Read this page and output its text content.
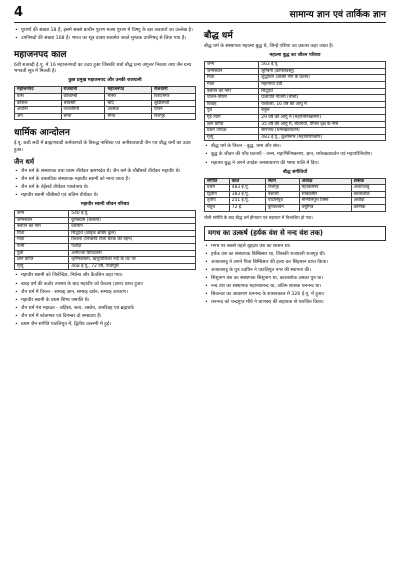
4	सामान्य ज्ञान एवं तार्किक ज्ञान
• पुराणों की संख्या 18 है, इसमें सबसे प्राचीन पुराण मत्स्य पुराण में विष्णु के दस अवतारों का उल्लेख है।
• उपनिषदों की संख्या 108 है। भारत का सूत्र वाक्य सत्यमेव जयते मुण्डक उपनिषद् से लिया गया है।
महाजनपद काल
6वीं शताब्दी ई.पू. में 16 महाजनपदों का उदय हुआ जिसकी चर्चा बौद्ध ग्रन्थ अंगुत्तर निकाय तथा जैन ग्रन्थ भगवती सूत्र में मिलती है।
कुछ प्रमुख महाजनपद और उनकी राजधानी
महाजनपद	राजधानी	महाजनपद	राजधानी
वत्स	कौशाम्बी	मत्स्य	विराटनगर
कोसल	श्रावस्ती	चेदि	शुक्तिमती
अवन्ति	उज्जयिनी	अश्मक	पोतन
अंग	चम्पा	मगध	राजगृह
धार्मिक आन्दोलन
ई.पू. छठी सदी में ब्राह्मणवादी कर्मकाण्डों के विरुद्ध नास्तिक एवं अनीश्वरवादी जैन एवं बौद्ध धर्मों का उदय हुआ।
जैन धर्म
• जैन धर्म के संस्थापक तथा प्रथम तीर्थंकर ऋषभदेव थे। जैन धर्म के चौबीसवें तीर्थंकर महावीर थे।
• जैन धर्म के वास्तविक संस्थापक महावीर स्वामी को माना जाता है।
• जैन धर्म के तेईसवें तीर्थंकर पार्श्वनाथ थे।
• महावीर स्वामी चौबीसवें एवं अंतिम तीर्थंकर थे।
महावीर स्वामी जीवन परिचय
जन्म	540 ई.पू.
जन्मस्थान	कुण्डग्राम (वैशाली)
बचपन का नाम	वर्धमान
पिता	सिद्धार्थ (ज्ञातृक क्षत्रिय कुल)
माता	त्रिशला (लिच्छवि राजा चेटक की बहन)
पत्नी	यशोदा
पुत्री	अनोज्जा प्रियदर्शना
ज्ञान प्राप्ति	जृम्भिकग्राम, ऋजुपालिका नदी के तट पर
मृत्यु	468 ई.पू., 72 वर्ष, पावापुरी
• महावीर स्वामी को जितेन्द्रिय, निर्ग्रन्थ और कैवलिन कहा गया।
• बारह वर्ष की कठोर तपस्या के बाद महावीर को कैवल्य (ज्ञान) प्राप्त हुआ।
• जैन धर्म में त्रिरत्न - सम्यक् ज्ञान, सम्यक् दर्शन, सम्यक् आचरण।
• महावीर स्वामी के प्रथम शिष्य जमालि थे।
• जैन धर्म पंच महाव्रत - अहिंसा, सत्य, अस्तेय, अपरिग्रह एवं ब्रह्मचर्य।
• जैन धर्म में श्वेताम्बर एवं दिगम्बर दो सम्प्रदाय हैं।
• प्रथम जैन संगीति पाटलिपुत्र में, द्वितीय वल्लभी में हुई।
बौद्ध धर्म
बौद्ध धर्म के संस्थापक महात्मा बुद्ध थे, जिन्हें एशिया का प्रकाश कहा जाता है।
महात्मा बुद्ध का जीवन परिचय
जन्म	563 ई.पू.
जन्मस्थान	लुम्बिनी (कपिलवस्तु)
पिता	शुद्धोधन (शाक्य गण के प्रधान)
माता	महामाया देवी
बचपन का नाम	सिद्धार्थ
पालन-पोषण	प्रजापति गौतमी (मौसी)
विवाह	यशोधरा, 16 वर्ष की आयु में
पुत्र	राहुल
गृह त्याग	29 वर्ष की आयु में (महाभिनिष्क्रमण)
ज्ञान प्राप्ति	35 वर्ष की आयु में, बोधगया, पीपल वृक्ष के नीचे
प्रथम उपदेश	सारनाथ (धर्मचक्रप्रवर्तन)
मृत्यु	483 ई.पू., कुशीनगर (महापरिनिर्वाण)
• बौद्ध धर्म के त्रिरत्न - बुद्ध, धम्म और संघ।
• बुद्ध के जीवन की पाँच घटनाएँ - जन्म, महाभिनिष्क्रमण, ज्ञान, धर्मचक्रप्रवर्तन एवं महापरिनिर्वाण।
• महात्मा बुद्ध ने अपने उपदेश जनसाधारण की भाषा पालि में दिए।
बौद्ध संगीतियाँ
संगीति	काल	स्थान	अध्यक्ष	शासक
प्रथम	483 ई.पू.	राजगृह	महाकस्सप	अजातशत्रु
द्वितीय	383 ई.पू.	वैशाली	साबकमीर	कालाशोक
तृतीय	251 ई.पू.	पाटलिपुत्र	मोग्गलिपुत्त तिस्स	अशोक
चतुर्थ	72 ई.	कुण्डलवन	वसुमित्र	कनिष्क
चौथी संगीति के बाद बौद्ध धर्म हीनयान एवं महायान में विभाजित हो गया।
मगध का उत्कर्ष (हर्यक वंश से नन्द वंश तक)
• मगध पर सबसे पहले बृहद्रथ वंश का शासन था।
• हर्यक वंश का संस्थापक बिम्बिसार था, जिसकी राजधानी राजगृह थी।
• अजातशत्रु ने अपने पिता बिम्बिसार की हत्या कर सिंहासन प्राप्त किया।
• अजातशत्रु के पुत्र उदयिन ने पाटलिपुत्र नगर की स्थापना की।
• शिशुनाग वंश का संस्थापक शिशुनाग था, कालाशोक उसका पुत्र था।
• नन्द वंश का संस्थापक महापद्मनन्द था, अंतिम शासक धननन्द था।
• सिकन्दर का आक्रमण धननन्द के शासनकाल में 326 ई.पू. में हुआ।
• धननन्द को चन्द्रगुप्त मौर्य ने चाणक्य की सहायता से पराजित किया।
